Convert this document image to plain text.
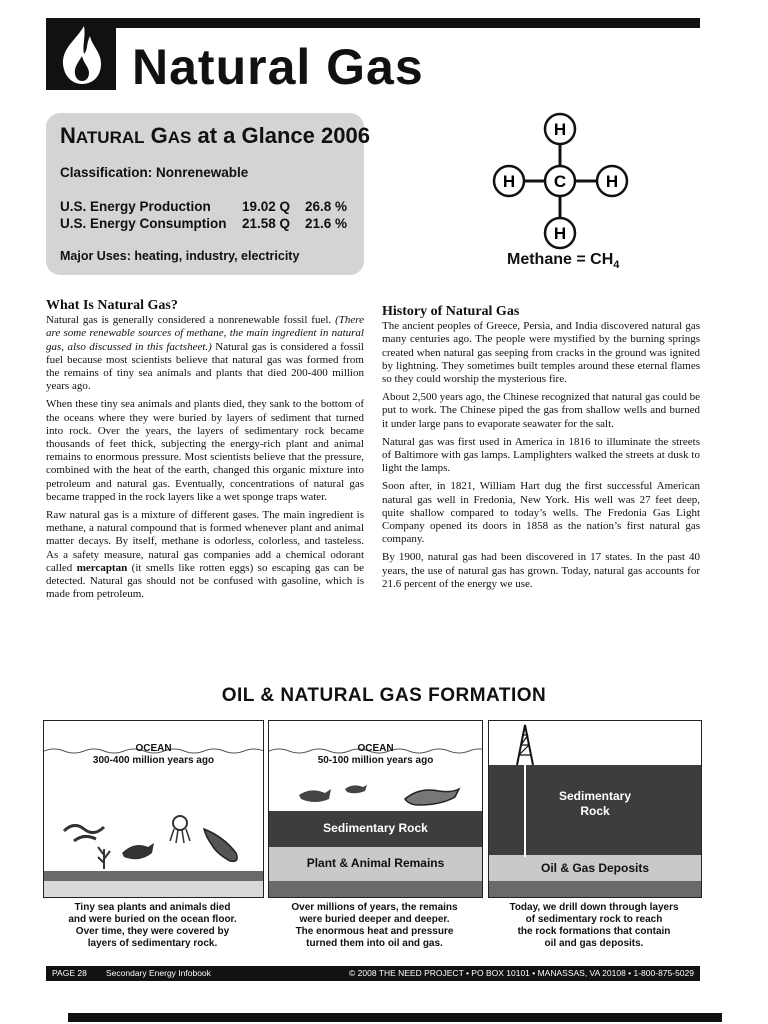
Natural Gas
NATURAL GAS at a Glance 2006
Classification: Nonrenewable
U.S. Energy Production 19.02 Q 26.8 %
U.S. Energy Consumption 21.58 Q 21.6 %
Major Uses: heating, industry, electricity
H
H C H
H
Methane = $CH_4$
What Is Natural Gas?

Natural gas is generally considered a nonrenewable fossil fuel. (There are some renewable sources of methane, the main ingredient in natural gas, also discussed in this factsheet.) Natural gas is considered a fossil fuel because most scientists believe that natural gas was formed from the remains of tiny sea animals and plants that died 200-400 million years ago.

When these tiny sea animals and plants died, they sank to the bottom of the oceans where they were buried by layers of sediment that turned into rock. Over the years, the layers of sedimentary rock became thousands of feet thick, subjecting the energy-rich plant and animal remains to enormous pressure. Most scientists believe that the pressure, combined with the heat of the earth, changed this organic mixture into petroleum and natural gas. Eventually, concentrations of natural gas became trapped in the rock layers like a wet sponge traps water.

Raw natural gas is a mixture of different gases. The main ingredient is methane, a natural compound that is formed whenever plant and animal matter decays. By itself, methane is odorless, colorless, and tasteless. As a safety measure, natural gas companies add a chemical odorant called mercaptan (it smells like rotten eggs) so escaping gas can be detected. Natural gas should not be confused with gasoline, which is made from petroleum.

History of Natural Gas

The ancient peoples of Greece, Persia, and India discovered natural gas many centuries ago. The people were mystified by the burning springs created when natural gas seeping from cracks in the ground was ignited by lightning. They sometimes built temples around these eternal flames so they could worship the mysterious fire.

About 2,500 years ago, the Chinese recognized that natural gas could be put to work. The Chinese piped the gas from shallow wells and burned it under large pans to evaporate seawater for the salt.

Natural gas was first used in America in 1816 to illuminate the streets of Baltimore with gas lamps. Lamplighters walked the streets at dusk to light the lamps.

Soon after, in 1821, William Hart dug the first successful American natural gas well in Fredonia, New York. His well was 27 feet deep, quite shallow compared to today’s wells. The Fredonia Gas Light Company opened its doors in 1858 as the nation’s first natural gas company.

By 1900, natural gas had been discovered in 17 states. In the past 40 years, the use of natural gas has grown. Today, natural gas accounts for 21.6 percent of the energy we use.

OIL & NATURAL GAS FORMATION
OCEAN
300-400 million years ago
OCEAN
50-100 million years ago
Sedimentary Rock
Plant & Animal Remains
Sedimentary
Rock
Oil & Gas Deposits
Tiny sea plants and animals died
and were buried on the ocean floor.
Over time, they were covered by
layers of sedimentary rock.
Over millions of years, the remains
were buried deeper and deeper.
The enormous heat and pressure
turned them into oil and gas.
Today, we drill down through layers
of sedimentary rock to reach
the rock formations that contain
oil and gas deposits.
PAGE 28 Secondary Energy Infobook	© 2008 THE NEED PROJECT • PO BOX 10101 • MANASSAS, VA 20108 • 1-800-875-5029
